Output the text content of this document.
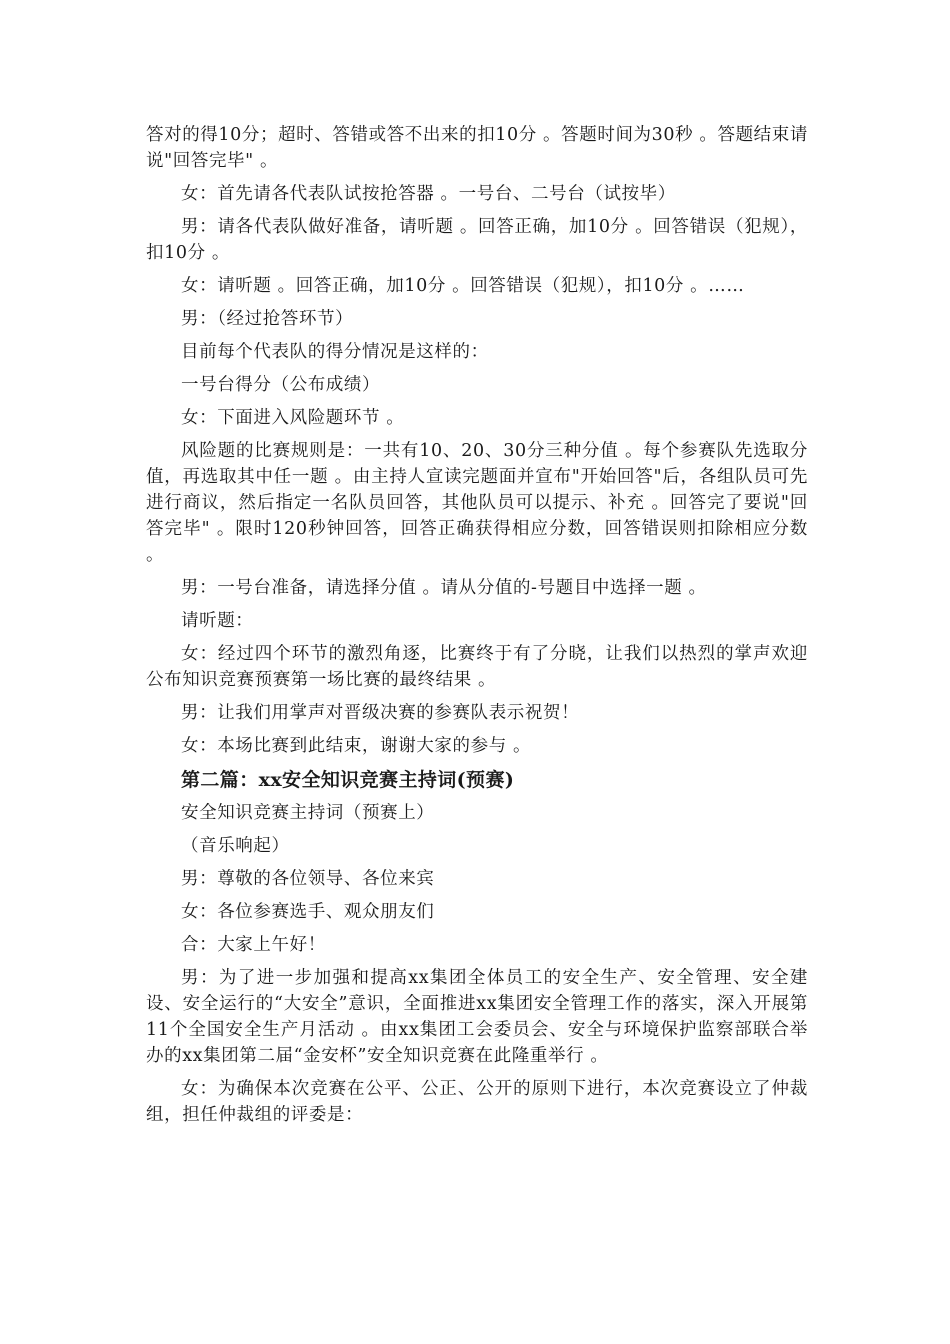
答对的得10分；超时、答错或答不出来的扣10分 。答题时间为30秒 。答题结束请说"回答完毕" 。

女：首先请各代表队试按抢答器 。一号台、二号台（试按毕）

男：请各代表队做好准备，请听题 。回答正确，加10分 。回答错误（犯规），扣10分 。

女：请听题 。回答正确，加10分 。回答错误（犯规），扣10分 。……

男：（经过抢答环节）

目前每个代表队的得分情况是这样的：

一号台得分（公布成绩）

女：下面进入风险题环节 。

风险题的比赛规则是：一共有10、20、30分三种分值 。每个参赛队先选取分值，再选取其中任一题 。由主持人宣读完题面并宣布"开始回答"后，各组队员可先进行商议，然后指定一名队员回答，其他队员可以提示、补充 。回答完了要说"回答完毕" 。限时120秒钟回答，回答正确获得相应分数，回答错误则扣除相应分数 。

男：一号台准备，请选择分值 。请从分值的-号题目中选择一题 。

请听题：

女：经过四个环节的激烈角逐，比赛终于有了分晓，让我们以热烈的掌声欢迎公布知识竞赛预赛第一场比赛的最终结果 。

男：让我们用掌声对晋级决赛的参赛队表示祝贺！

女：本场比赛到此结束，谢谢大家的参与 。

第二篇：xx安全知识竞赛主持词(预赛)

安全知识竞赛主持词（预赛上）

（音乐响起）

男：尊敬的各位领导、各位来宾

女：各位参赛选手、观众朋友们

合：大家上午好！

男：为了进一步加强和提高xx集团全体员工的安全生产、安全管理、安全建设、安全运行的“大安全”意识，全面推进xx集团安全管理工作的落实，深入开展第11个全国安全生产月活动 。由xx集团工会委员会、安全与环境保护监察部联合举办的xx集团第二届“金安杯”安全知识竞赛在此隆重举行 。

女：为确保本次竞赛在公平、公正、公开的原则下进行，本次竞赛设立了仲裁组，担任仲裁组的评委是：
